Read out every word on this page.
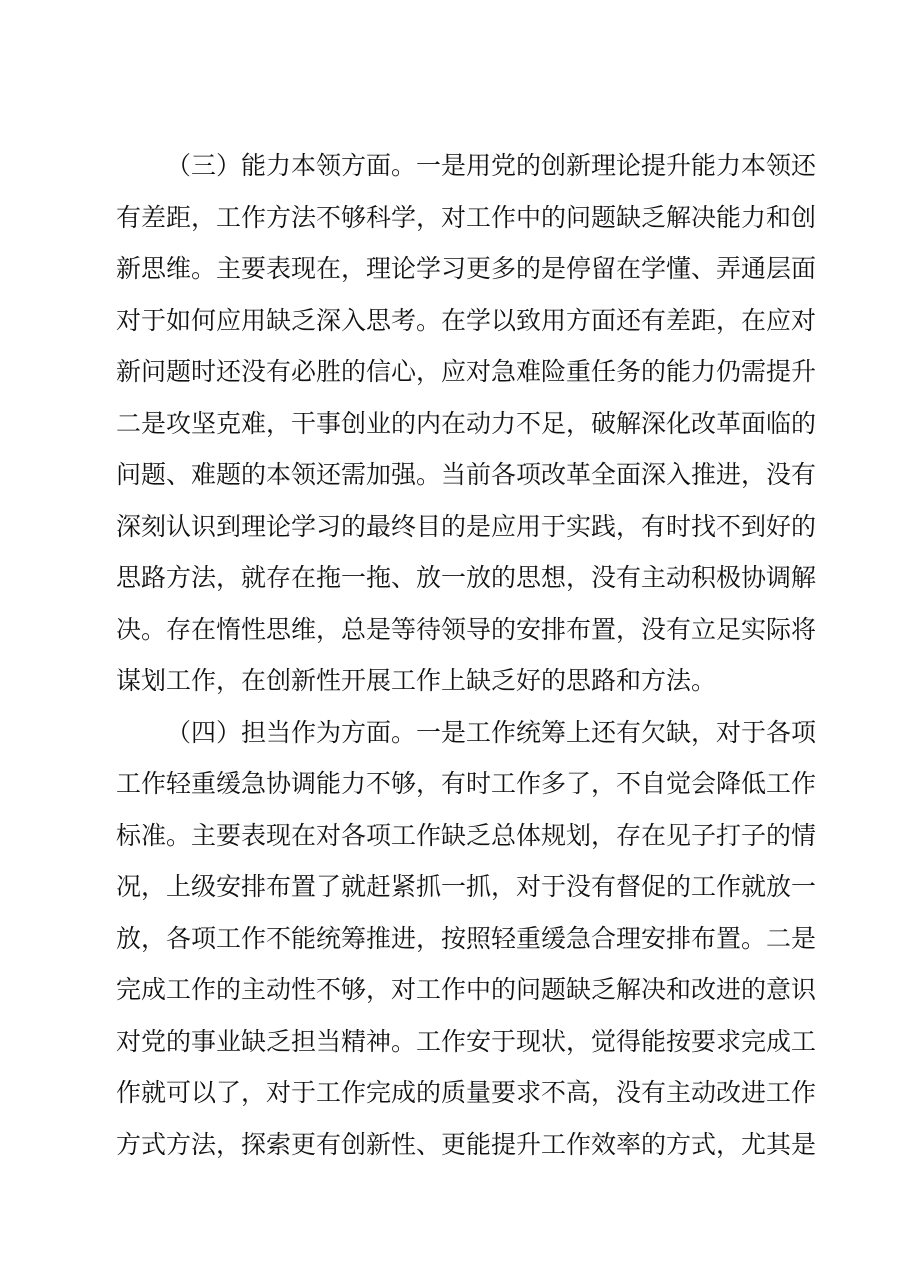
（三）能力本领方面。一是用党的创新理论提升能力本领还
有差距，工作方法不够科学，对工作中的问题缺乏解决能力和创
新思维。主要表现在，理论学习更多的是停留在学懂、弄通层面
对于如何应用缺乏深入思考。在学以致用方面还有差距，在应对
新问题时还没有必胜的信心，应对急难险重任务的能力仍需提升
二是攻坚克难，干事创业的内在动力不足，破解深化改革面临的
问题、难题的本领还需加强。当前各项改革全面深入推进，没有
深刻认识到理论学习的最终目的是应用于实践，有时找不到好的
思路方法，就存在拖一拖、放一放的思想，没有主动积极协调解
决。存在惰性思维，总是等待领导的安排布置，没有立足实际将
谋划工作，在创新性开展工作上缺乏好的思路和方法。
（四）担当作为方面。一是工作统筹上还有欠缺，对于各项
工作轻重缓急协调能力不够，有时工作多了，不自觉会降低工作
标准。主要表现在对各项工作缺乏总体规划，存在见子打子的情
况，上级安排布置了就赶紧抓一抓，对于没有督促的工作就放一
放，各项工作不能统筹推进，按照轻重缓急合理安排布置。二是
完成工作的主动性不够，对工作中的问题缺乏解决和改进的意识
对党的事业缺乏担当精神。工作安于现状，觉得能按要求完成工
作就可以了，对于工作完成的质量要求不高，没有主动改进工作
方式方法，探索更有创新性、更能提升工作效率的方式，尤其是
